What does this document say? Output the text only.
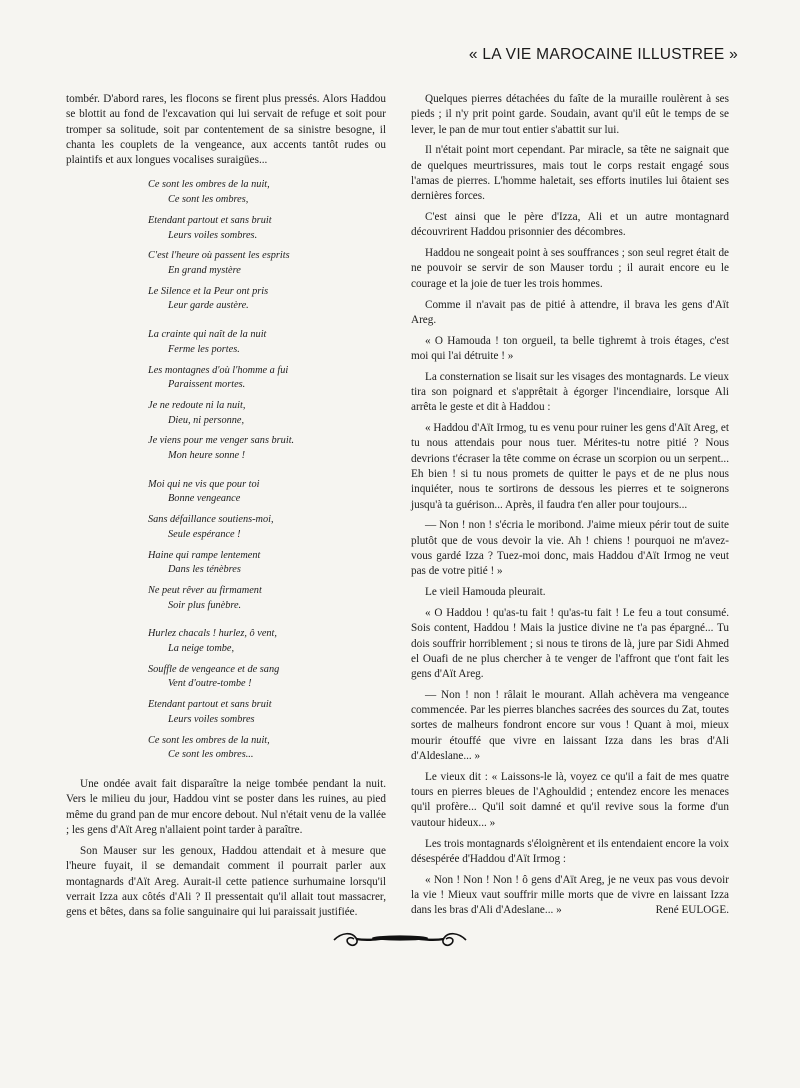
« LA VIE MAROCAINE ILLUSTREE »

tombér. D'abord rares, les flocons se firent plus pressés. Alors Haddou se blottit au fond de l'excavation qui lui servait de refuge et soit pour tromper sa solitude, soit par contentement de sa sinistre besogne, il chanta les couplets de la vengeance, aux accents tantôt rudes ou plaintifs et aux longues vocalises suraigües...

Ce sont les ombres de la nuit,
Ce sont les ombres,
Etendant partout et sans bruit
Leurs voiles sombres.
C'est l'heure où passent les esprits
En grand mystère
Le Silence et la Peur ont pris
Leur garde austère.
La crainte qui naît de la nuit
Ferme les portes.
Les montagnes d'où l'homme a fui
Paraissent mortes.
Je ne redoute ni la nuit,
Dieu, ni personne,
Je viens pour me venger sans bruit.
Mon heure sonne !
Moi qui ne vis que pour toi
Bonne vengeance
Sans défaillance soutiens-moi,
Seule espérance !
Haine qui rampe lentement
Dans les ténèbres
Ne peut rêver au firmament
Soir plus funèbre.
Hurlez chacals ! hurlez, ô vent,
La neige tombe,
Souffle de vengeance et de sang
Vent d'outre-tombe !
Etendant partout et sans bruit
Leurs voiles sombres
Ce sont les ombres de la nuit,
Ce sont les ombres...

Une ondée avait fait disparaître la neige tombée pendant la nuit. Vers le milieu du jour, Haddou vint se poster dans les ruines, au pied même du grand pan de mur encore debout. Nul n'était venu de la vallée ; les gens d'Aït Areg n'allaient point tarder à paraître.

Son Mauser sur les genoux, Haddou attendait et à mesure que l'heure fuyait, il se demandait comment il pourrait parler aux montagnards d'Aït Areg. Aurait-il cette patience surhumaine lorsqu'il verrait Izza aux côtés d'Ali ? Il pressentait qu'il allait tout massacrer, gens et bêtes, dans sa folie sanguinaire qui lui paraissait justifiée.

Quelques pierres détachées du faîte de la muraille roulèrent à ses pieds ; il n'y prit point garde. Soudain, avant qu'il eût le temps de se lever, le pan de mur tout entier s'abattit sur lui.

Il n'était point mort cependant. Par miracle, sa tête ne saignait que de quelques meurtrissures, mais tout le corps restait engagé sous l'amas de pierres. L'homme haletait, ses efforts inutiles lui ôtaient ses dernières forces.

C'est ainsi que le père d'Izza, Ali et un autre montagnard découvrirent Haddou prisonnier des décombres.

Haddou ne songeait point à ses souffrances ; son seul regret était de ne pouvoir se servir de son Mauser tordu ; il aurait encore eu le courage et la joie de tuer les trois hommes.

Comme il n'avait pas de pitié à attendre, il brava les gens d'Aït Areg.

« O Hamouda ! ton orgueil, ta belle tighremt à trois étages, c'est moi qui l'ai détruite ! »

La consternation se lisait sur les visages des montagnards. Le vieux tira son poignard et s'apprêtait à égorger l'incendiaire, lorsque Ali arrêta le geste et dit à Haddou :

« Haddou d'Aït Irmog, tu es venu pour ruiner les gens d'Aït Areg, et tu nous attendais pour nous tuer. Mérites-tu notre pitié ? Nous devrions t'écraser la tête comme on écrase un scorpion ou un serpent... Eh bien ! si tu nous promets de quitter le pays et de ne plus nous inquiéter, nous te sortirons de dessous les pierres et te soignerons jusqu'à ta guérison... Après, il faudra t'en aller pour toujours...

— Non ! non ! s'écria le moribond. J'aime mieux périr tout de suite plutôt que de vous devoir la vie. Ah ! chiens ! pourquoi ne m'avez-vous gardé Izza ? Tuez-moi donc, mais Haddou d'Aït Irmog ne veut pas de votre pitié ! »

Le vieil Hamouda pleurait.

« O Haddou ! qu'as-tu fait ! qu'as-tu fait ! Le feu a tout consumé. Sois content, Haddou ! Mais la justice divine ne t'a pas épargné... Tu dois souffrir horriblement ; si nous te tirons de là, jure par Sidi Ahmed el Ouafi de ne plus chercher à te venger de l'affront que t'ont fait les gens d'Aït Areg.

— Non ! non ! râlait le mourant. Allah achèvera ma vengeance commencée. Par les pierres blanches sacrées des sources du Zat, toutes sortes de malheurs fondront encore sur vous ! Quant à moi, mieux mourir étouffé que vivre en laissant Izza dans les bras d'Ali d'Aldeslane... »

Le vieux dit : « Laissons-le là, voyez ce qu'il a fait de mes quatre tours en pierres bleues de l'Aghouldid ; entendez encore les menaces qu'il profère... Qu'il soit damné et qu'il revive sous la forme d'un vautour hideux... »

Les trois montagnards s'éloignèrent et ils entendaient encore la voix désespérée d'Haddou d'Aït Irmog :

« Non ! Non ! Non ! ô gens d'Aït Areg, je ne veux pas vous devoir la vie ! Mieux vaut souffrir mille morts que de vivre en laissant Izza dans les bras d'Ali d'Adeslane... »	René EULOGE.
